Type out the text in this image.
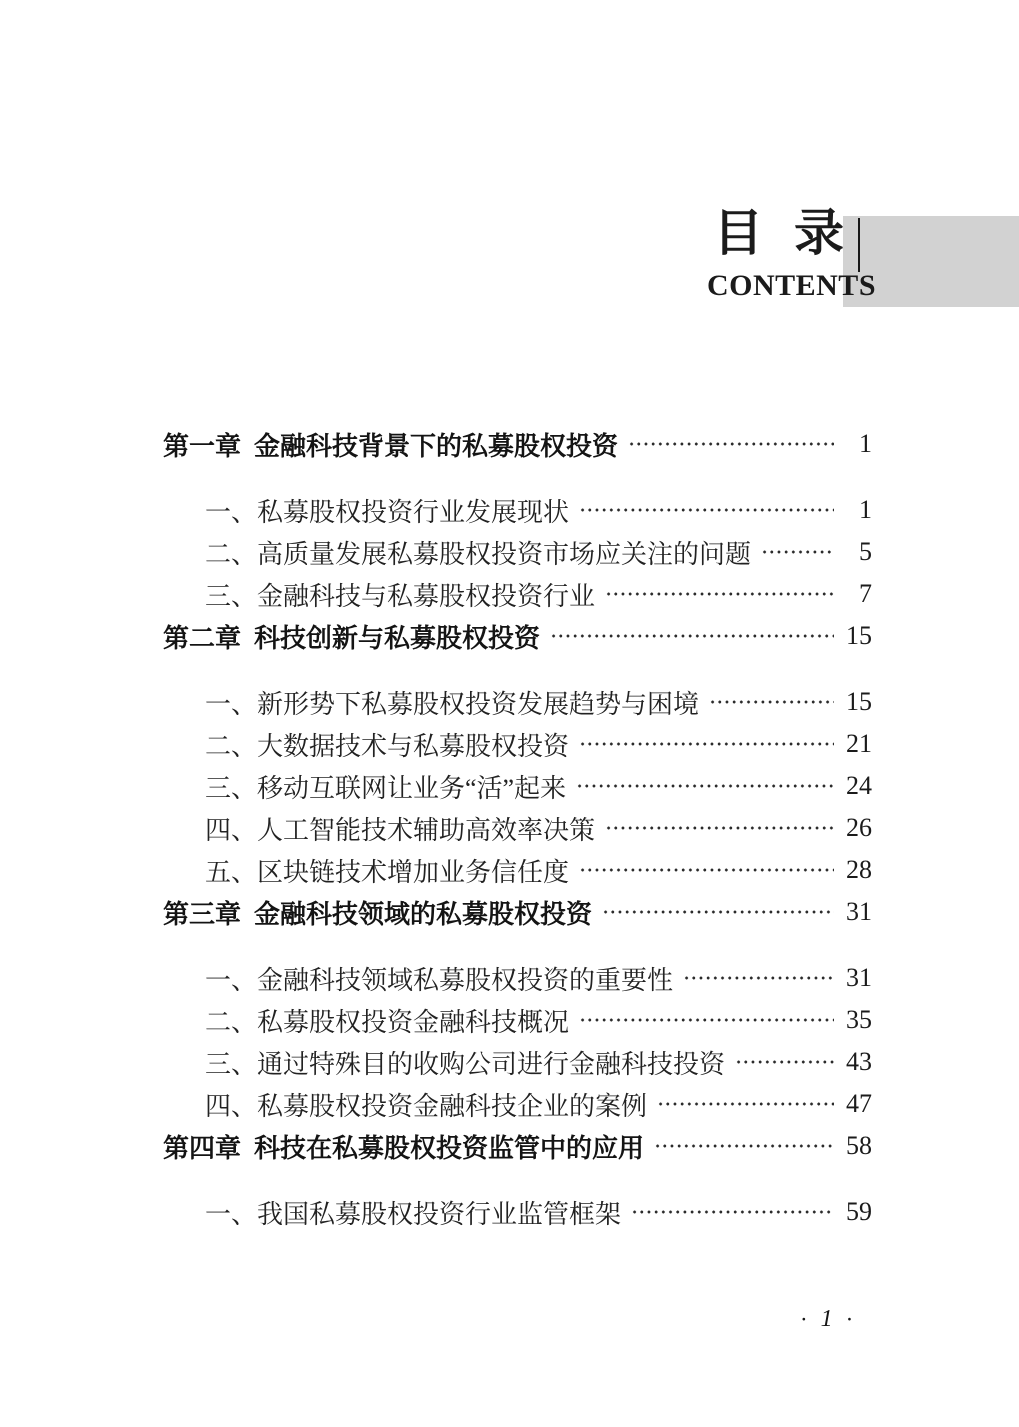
目  录
CONTENTS
第一章 金融科技背景下的私募股权投资	1
一、私募股权投资行业发展现状	1
二、高质量发展私募股权投资市场应关注的问题	5
三、金融科技与私募股权投资行业	7
第二章 科技创新与私募股权投资	15
一、新形势下私募股权投资发展趋势与困境	15
二、大数据技术与私募股权投资	21
三、移动互联网让业务“活”起来	24
四、人工智能技术辅助高效率决策	26
五、区块链技术增加业务信任度	28
第三章 金融科技领域的私募股权投资	31
一、金融科技领域私募股权投资的重要性	31
二、私募股权投资金融科技概况	35
三、通过特殊目的收购公司进行金融科技投资	43
四、私募股权投资金融科技企业的案例	47
第四章 科技在私募股权投资监管中的应用	58
一、我国私募股权投资行业监管框架	59
· 1 ·
